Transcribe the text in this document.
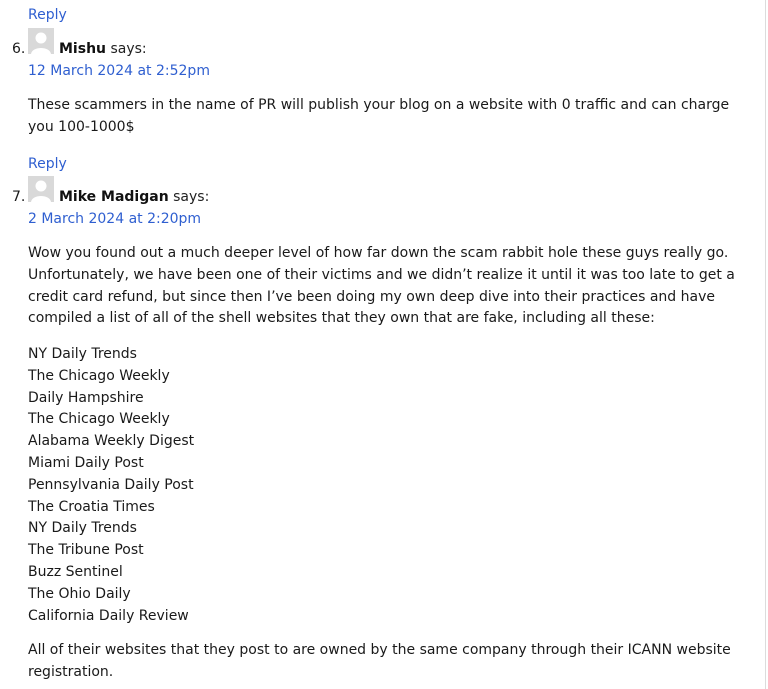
Reply
6. Mishu says:
12 March 2024 at 2:52pm

These scammers in the name of PR will publish your blog on a website with 0 traffic and can charge you 100-1000$

Reply
7. Mike Madigan says:
2 March 2024 at 2:20pm

Wow you found out a much deeper level of how far down the scam rabbit hole these guys really go. Unfortunately, we have been one of their victims and we didn’t realize it until it was too late to get a credit card refund, but since then I’ve been doing my own deep dive into their practices and have compiled a list of all of the shell websites that they own that are fake, including all these:

NY Daily Trends
The Chicago Weekly
Daily Hampshire
The Chicago Weekly
Alabama Weekly Digest
Miami Daily Post
Pennsylvania Daily Post
The Croatia Times
NY Daily Trends
The Tribune Post
Buzz Sentinel
The Ohio Daily
California Daily Review

All of their websites that they post to are owned by the same company through their ICANN website registration.
